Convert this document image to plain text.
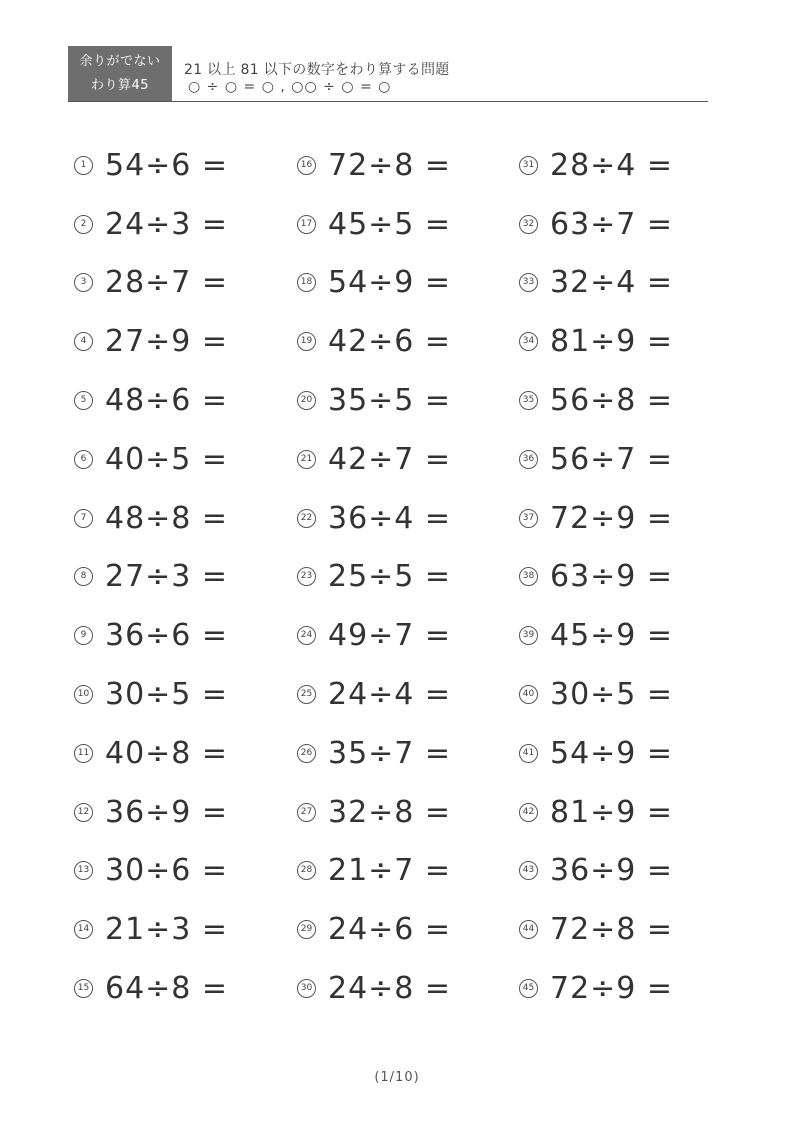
余りがでない
わり算45
21 以上 81 以下の数字をわり算する問題
○ ÷ ○ = ○ , ○○ ÷ ○ = ○
1 54÷6 =
2 24÷3 =
3 28÷7 =
4 27÷9 =
5 48÷6 =
6 40÷5 =
7 48÷8 =
8 27÷3 =
9 36÷6 =
10 30÷5 =
11 40÷8 =
12 36÷9 =
13 30÷6 =
14 21÷3 =
15 64÷8 =
16 72÷8 =
17 45÷5 =
18 54÷9 =
19 42÷6 =
20 35÷5 =
21 42÷7 =
22 36÷4 =
23 25÷5 =
24 49÷7 =
25 24÷4 =
26 35÷7 =
27 32÷8 =
28 21÷7 =
29 24÷6 =
30 24÷8 =
31 28÷4 =
32 63÷7 =
33 32÷4 =
34 81÷9 =
35 56÷8 =
36 56÷7 =
37 72÷9 =
38 63÷9 =
39 45÷9 =
40 30÷5 =
41 54÷9 =
42 81÷9 =
43 36÷9 =
44 72÷8 =
45 72÷9 =
(1/10)
